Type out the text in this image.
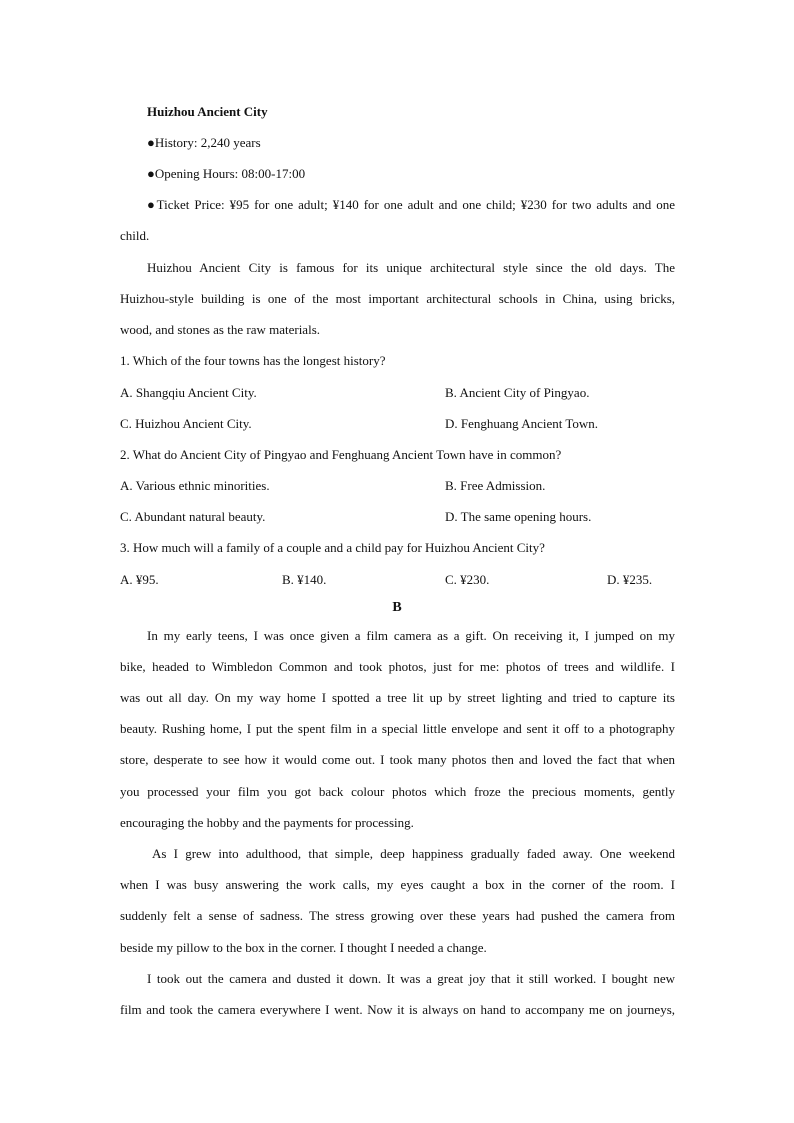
Huizhou Ancient City
●History: 2,240 years
●Opening Hours: 08:00-17:00
●Ticket Price: ¥95 for one adult; ¥140 for one adult and one child; ¥230 for two adults and one
child.
Huizhou Ancient City is famous for its unique architectural style since the old days. The
Huizhou-style building is one of the most important architectural schools in China, using bricks,
wood, and stones as the raw materials.
1. Which of the four towns has the longest history?
A. Shangqiu Ancient City.	B. Ancient City of Pingyao.
C. Huizhou Ancient City.	D. Fenghuang Ancient Town.
2. What do Ancient City of Pingyao and Fenghuang Ancient Town have in common?
A. Various ethnic minorities.	B. Free Admission.
C. Abundant natural beauty.	D. The same opening hours.
3. How much will a family of a couple and a child pay for Huizhou Ancient City?
A. ¥95.	B. ¥140.	C. ¥230.	D. ¥235.
B
In my early teens, I was once given a film camera as a gift. On receiving it, I jumped on my
bike, headed to Wimbledon Common and took photos, just for me: photos of trees and wildlife. I
was out all day. On my way home I spotted a tree lit up by street lighting and tried to capture its
beauty. Rushing home, I put the spent film in a special little envelope and sent it off to a photography
store, desperate to see how it would come out. I took many photos then and loved the fact that when
you processed your film you got back colour photos which froze the precious moments, gently
encouraging the hobby and the payments for processing.
As I grew into adulthood, that simple, deep happiness gradually faded away. One weekend
when I was busy answering the work calls, my eyes caught a box in the corner of the room. I
suddenly felt a sense of sadness. The stress growing over these years had pushed the camera from
beside my pillow to the box in the corner. I thought I needed a change.
I took out the camera and dusted it down. It was a great joy that it still worked. I bought new
film and took the camera everywhere I went. Now it is always on hand to accompany me on journeys,
